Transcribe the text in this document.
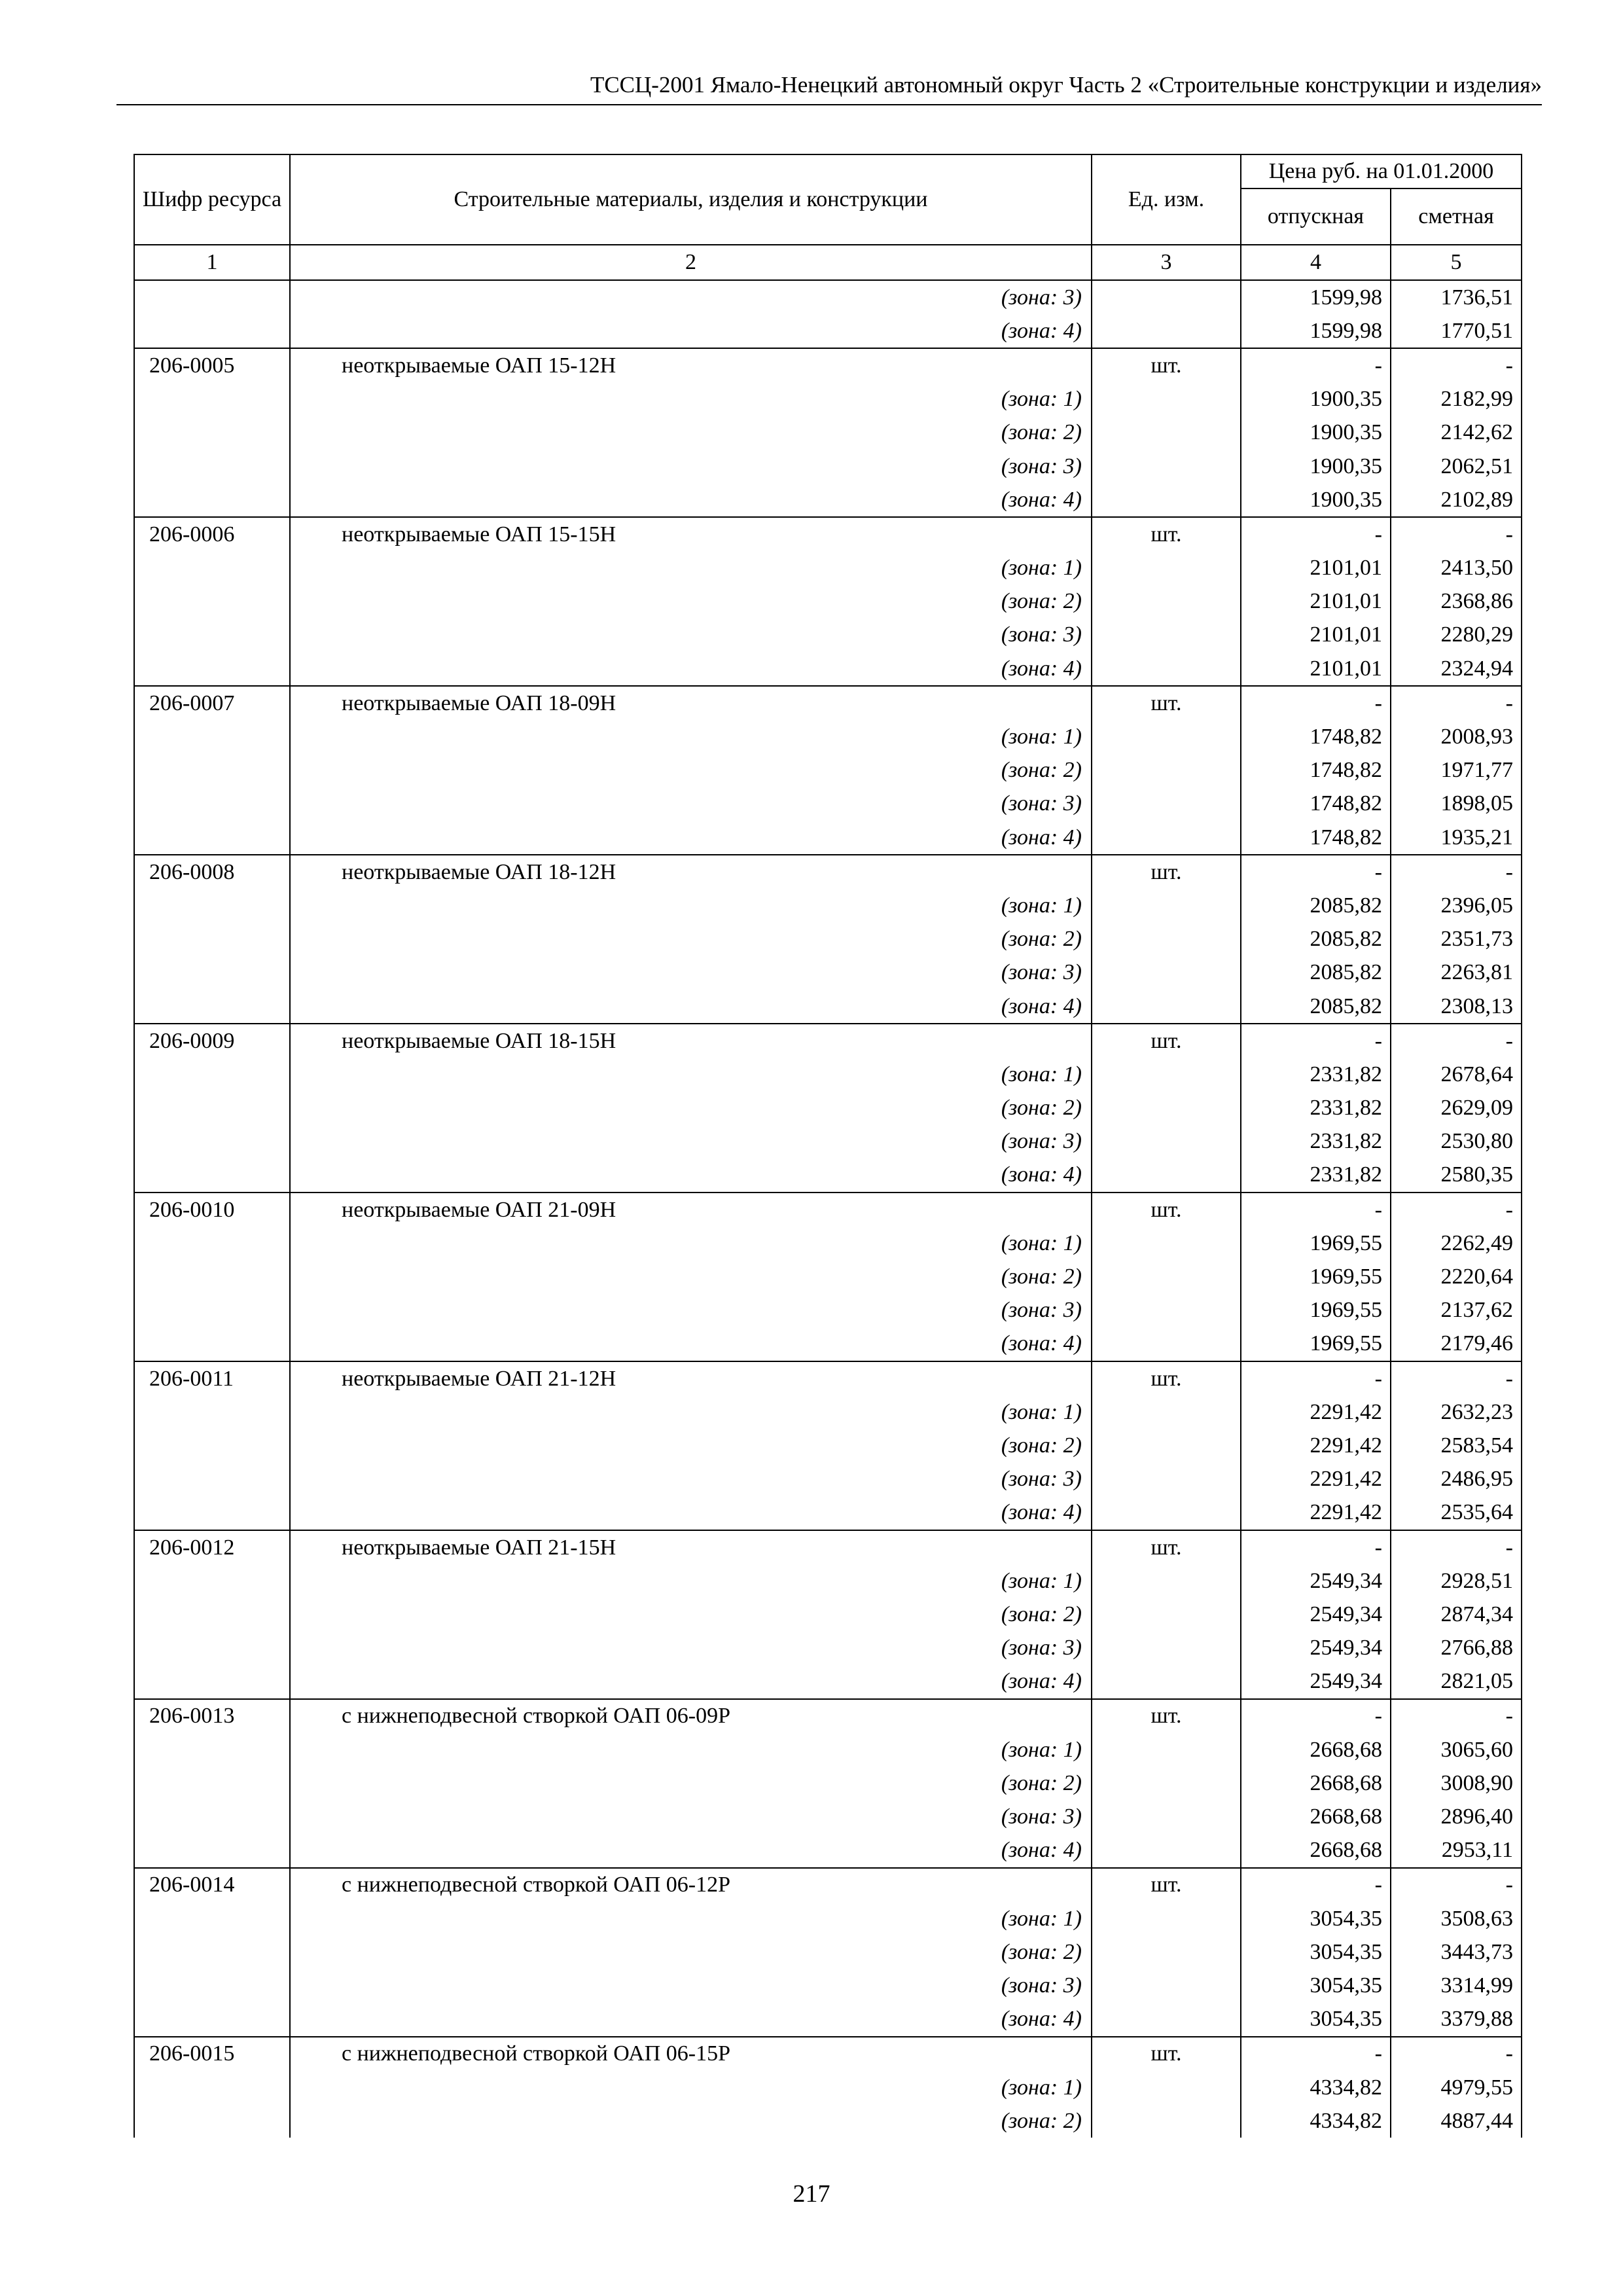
ТССЦ-2001 Ямало-Ненецкий автономный округ Часть 2 «Строительные конструкции и изделия»
Шифр ресурса	Строительные материалы, изделия и конструкции	Ед. изм.	Цена руб. на 01.01.2000	
			отпускная	сметная
1	2	3	4	5
	(зона: 3)		1599,98	1736,51
	(зона: 4)		1599,98	1770,51
206-0005	неоткрываемые ОАП 15-12Н	шт.	-	-
	(зона: 1)		1900,35	2182,99
	(зона: 2)		1900,35	2142,62
	(зона: 3)		1900,35	2062,51
	(зона: 4)		1900,35	2102,89
206-0006	неоткрываемые ОАП 15-15Н	шт.	-	-
	(зона: 1)		2101,01	2413,50
	(зона: 2)		2101,01	2368,86
	(зона: 3)		2101,01	2280,29
	(зона: 4)		2101,01	2324,94
206-0007	неоткрываемые ОАП 18-09Н	шт.	-	-
	(зона: 1)		1748,82	2008,93
	(зона: 2)		1748,82	1971,77
	(зона: 3)		1748,82	1898,05
	(зона: 4)		1748,82	1935,21
206-0008	неоткрываемые ОАП 18-12Н	шт.	-	-
	(зона: 1)		2085,82	2396,05
	(зона: 2)		2085,82	2351,73
	(зона: 3)		2085,82	2263,81
	(зона: 4)		2085,82	2308,13
206-0009	неоткрываемые ОАП 18-15Н	шт.	-	-
	(зона: 1)		2331,82	2678,64
	(зона: 2)		2331,82	2629,09
	(зона: 3)		2331,82	2530,80
	(зона: 4)		2331,82	2580,35
206-0010	неоткрываемые ОАП 21-09Н	шт.	-	-
	(зона: 1)		1969,55	2262,49
	(зона: 2)		1969,55	2220,64
	(зона: 3)		1969,55	2137,62
	(зона: 4)		1969,55	2179,46
206-0011	неоткрываемые ОАП 21-12Н	шт.	-	-
	(зона: 1)		2291,42	2632,23
	(зона: 2)		2291,42	2583,54
	(зона: 3)		2291,42	2486,95
	(зона: 4)		2291,42	2535,64
206-0012	неоткрываемые ОАП 21-15Н	шт.	-	-
	(зона: 1)		2549,34	2928,51
	(зона: 2)		2549,34	2874,34
	(зона: 3)		2549,34	2766,88
	(зона: 4)		2549,34	2821,05
206-0013	с нижнеподвесной створкой ОАП 06-09Р	шт.	-	-
	(зона: 1)		2668,68	3065,60
	(зона: 2)		2668,68	3008,90
	(зона: 3)		2668,68	2896,40
	(зона: 4)		2668,68	2953,11
206-0014	с нижнеподвесной створкой ОАП 06-12Р	шт.	-	-
	(зона: 1)		3054,35	3508,63
	(зона: 2)		3054,35	3443,73
	(зона: 3)		3054,35	3314,99
	(зона: 4)		3054,35	3379,88
206-0015	с нижнеподвесной створкой ОАП 06-15Р	шт.	-	-
	(зона: 1)		4334,82	4979,55
	(зона: 2)		4334,82	4887,44
217
